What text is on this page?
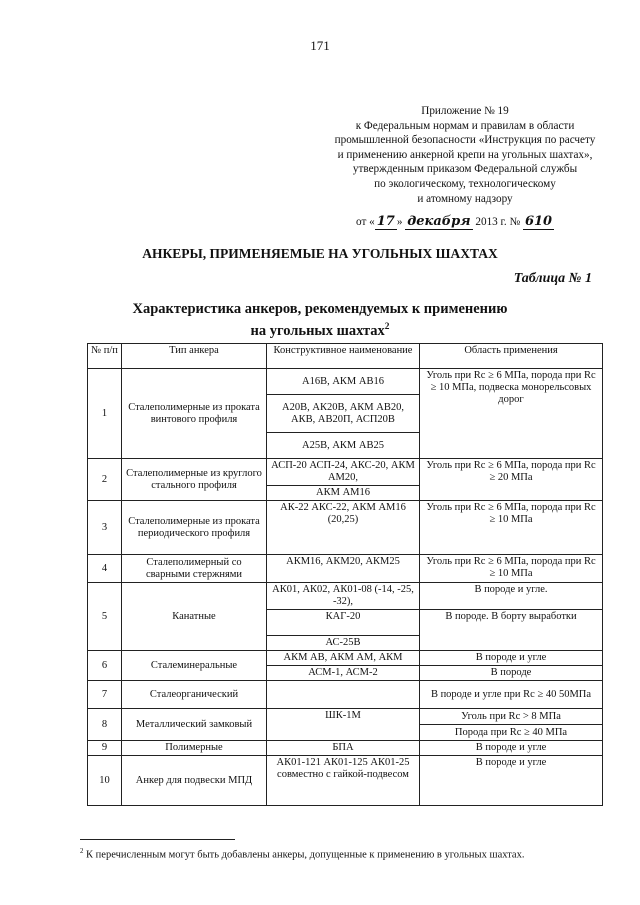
171
Приложение № 19
к Федеральным нормам и правилам в области
промышленной безопасности «Инструкция по расчету
и применению анкерной крепи на угольных шахтах»,
утвержденным приказом Федеральной службы
по экологическому, технологическому
и атомному надзору
от « 17 » декабря 2013 г. № 610
АНКЕРЫ, ПРИМЕНЯЕМЫЕ НА УГОЛЬНЫХ ШАХТАХ
Таблица № 1
Характеристика анкеров, рекомендуемых к применению
на угольных шахтах$^2$
№ п/п	Тип анкера	Конструктивное наименование	Область применения
1	Сталеполимерные из проката винтового профиля	А16В, АКМ АВ16	Уголь при Rc ≥ 6 МПа, порода при Rc ≥ 10 МПа, подвеска монорельсовых дорог
		А20В, АК20В, АКМ АВ20, АКВ, АВ20П, АСП20В	
		А25В, АКМ АВ25	
2	Сталеполимерные из круглого стального профиля	АСП-20 АСП-24, АКС-20, АКМ АМ20,	Уголь при Rc ≥ 6 МПа, порода при Rc ≥ 20 МПа
		АКМ АМ16	
3	Сталеполимерные из проката периодического профиля	АК-22 АКС-22, АКМ АМ16 (20,25)	Уголь при Rc ≥ 6 МПа, порода при Rc ≥ 10 МПа
4	Сталеполимерный со сварными стержнями	АКМ16, АКМ20, АКМ25	Уголь при Rc ≥ 6 МПа, порода при Rc ≥ 10 МПа
5	Канатные	АК01, АК02, АК01-08 (-14, -25, -32),	В породе и угле.
		КАГ-20	В породе. В борту выработки
		АС-25В	
6	Сталеминеральные	АКМ АВ, АКМ АМ, АКМ	В породе и угле
		АСМ-1, АСМ-2	В породе
7	Сталеорганический		В породе и угле при Rc ≥ 40 50МПа
8	Металлический замковый	ШК-1М	Уголь при Rc > 8 МПа
			Порода при Rc ≥ 40 МПа
9	Полимерные	БПА	В породе и угле
10	Анкер для подвески МПД	АК01-121 АК01-125 АК01-25 совместно с гайкой-подвесом	В породе и угле
$^2$ К перечисленным могут быть добавлены анкеры, допущенные к применению в угольных шахтах.
